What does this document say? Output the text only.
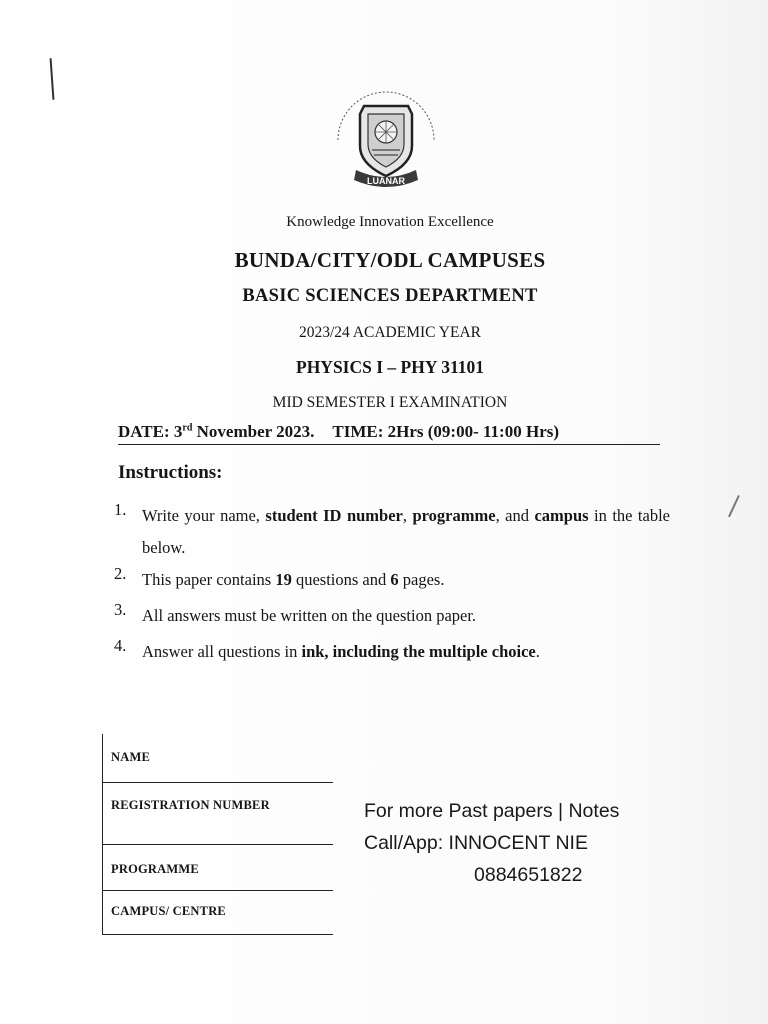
LUANAR
Knowledge Innovation Excellence
BUNDA/CITY/ODL CAMPUSES
BASIC SCIENCES DEPARTMENT
2023/24 ACADEMIC YEAR
PHYSICS I – PHY 31101
MID SEMESTER I EXAMINATION
DATE: 3rd November 2023. TIME: 2Hrs (09:00- 11:00 Hrs)
Instructions:
1. Write your name, student ID number, programme, and campus in the table below.
2. This paper contains 19 questions and 6 pages.
3. All answers must be written on the question paper.
4. Answer all questions in ink, including the multiple choice.
NAME
REGISTRATION NUMBER
PROGRAMME
CAMPUS/ CENTRE
For more Past papers | Notes
Call/App: INNOCENT NIE
0884651822
